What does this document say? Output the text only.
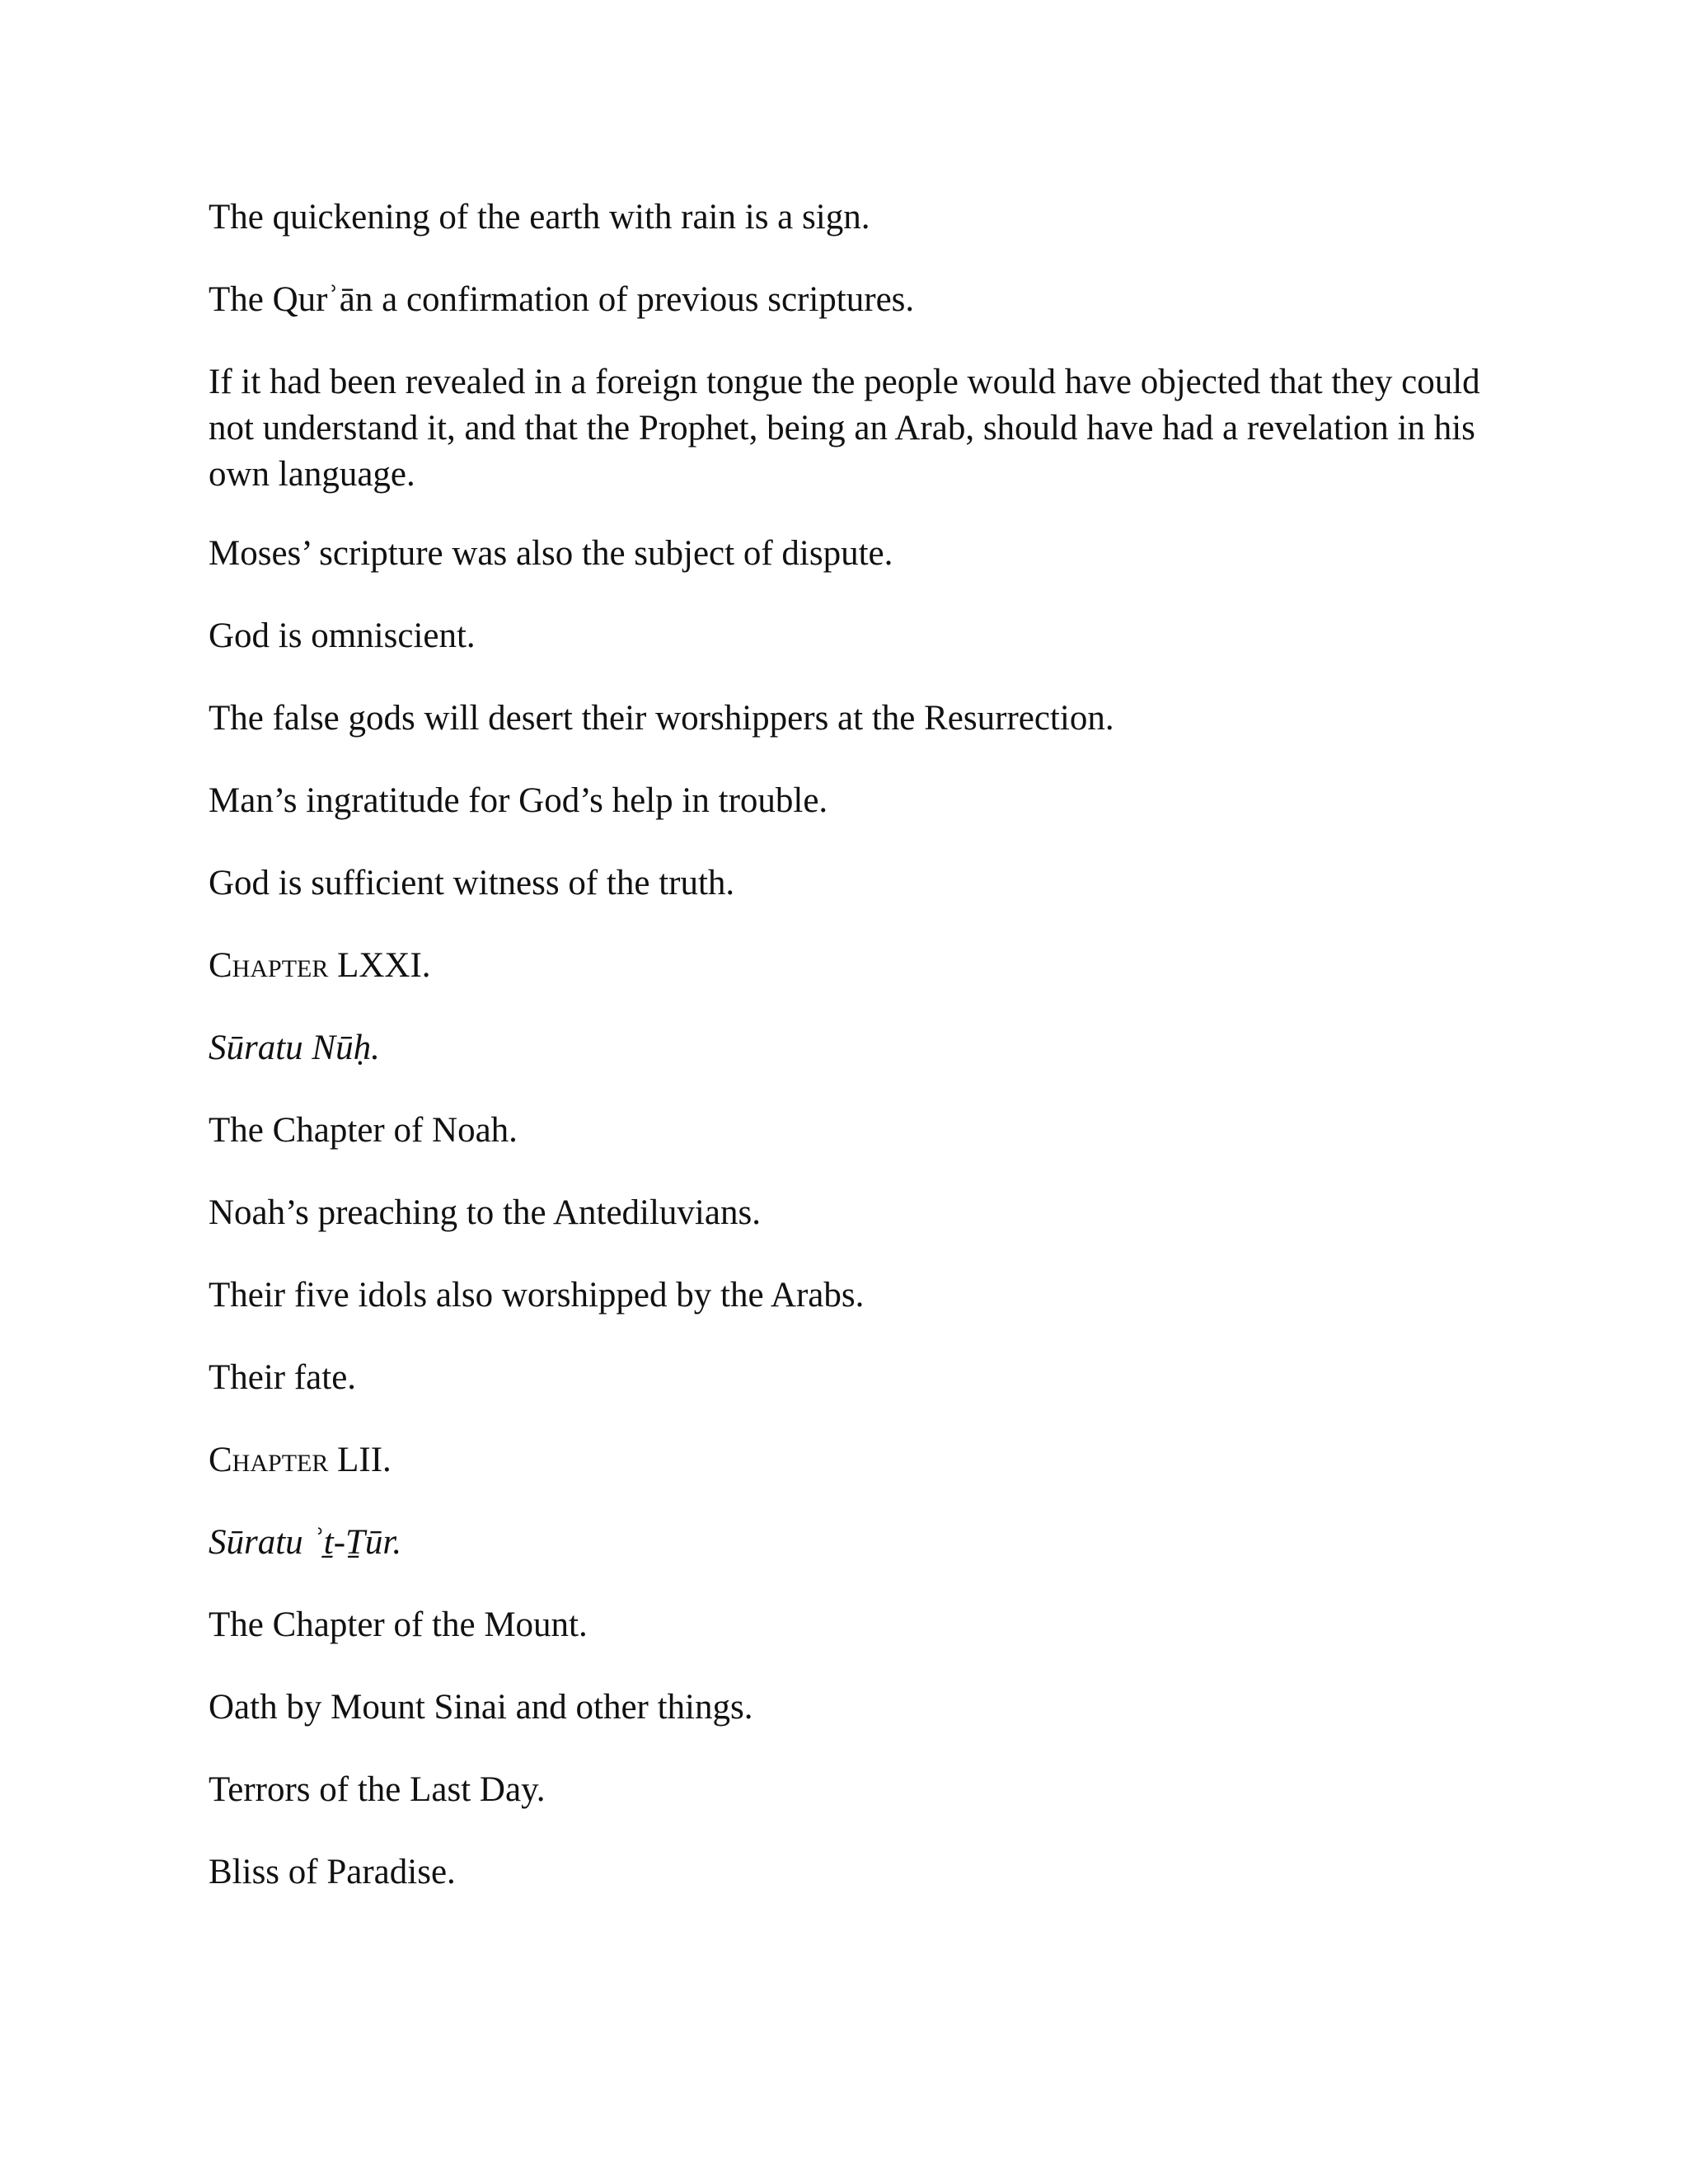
The quickening of the earth with rain is a sign.

The Qurʾān a confirmation of previous scriptures.

If it had been revealed in a foreign tongue the people would have objected that they could not understand it, and that the Prophet, being an Arab, should have had a revelation in his own language.

Moses’ scripture was also the subject of dispute.

God is omniscient.

The false gods will desert their worshippers at the Resurrection.

Man’s ingratitude for God’s help in trouble.

God is sufficient witness of the truth.

Chapter LXXI.

Sūratu Nūḥ.

The Chapter of Noah.

Noah’s preaching to the Antediluvians.

Their five idols also worshipped by the Arabs.

Their fate.

Chapter LII.

Sūratu ʾṯ-Ṯūr.

The Chapter of the Mount.

Oath by Mount Sinai and other things.

Terrors of the Last Day.

Bliss of Paradise.
